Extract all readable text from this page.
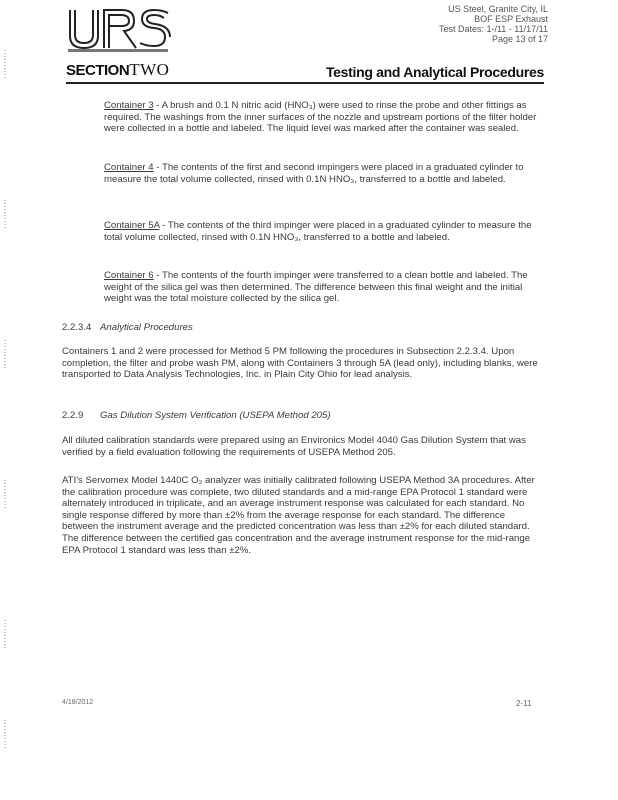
US Steel, Granite City, IL
BOF ESP Exhaust
Test Dates: 1-/11 - 11/17/11
Page 13 of 17
SECTIONTWO	Testing and Analytical Procedures

Container 3 - A brush and 0.1 N nitric acid (HNO₃) were used to rinse the probe and other fittings as required. The washings from the inner surfaces of the nozzle and upstream portions of the filter holder were collected in a bottle and labeled. The liquid level was marked after the container was sealed.

Container 4 - The contents of the first and second impingers were placed in a graduated cylinder to measure the total volume collected, rinsed with 0.1N HNO₃, transferred to a bottle and labeled.

Container 5A - The contents of the third impinger were placed in a graduated cylinder to measure the total volume collected, rinsed with 0.1N HNO₃, transferred to a bottle and labeled.

Container 6 - The contents of the fourth impinger were transferred to a clean bottle and labeled. The weight of the silica gel was then determined. The difference between this final weight and the initial weight was the total moisture collected by the silica gel.

2.2.3.4 Analytical Procedures

Containers 1 and 2 were processed for Method 5 PM following the procedures in Subsection 2.2.3.4. Upon completion, the filter and probe wash PM, along with Containers 3 through 5A (lead only), including blanks, were transported to Data Analysis Technologies, Inc. in Plain City Ohio for lead analysis.

2.2.9 Gas Dilution System Verification (USEPA Method 205)

All diluted calibration standards were prepared using an Environics Model 4040 Gas Dilution System that was verified by a field evaluation following the requirements of USEPA Method 205.

ATI's Servomex Model 1440C O₂ analyzer was initially calibrated following USEPA Method 3A procedures. After the calibration procedure was complete, two diluted standards and a mid-range EPA Protocol 1 standard were alternately introduced in triplicate, and an average instrument response was calculated for each standard. No single response differed by more than ±2% from the average response for each standard. The difference between the instrument average and the predicted concentration was less than ±2% for each diluted standard. The difference between the certified gas concentration and the average instrument response for the mid-range EPA Protocol 1 standard was less than ±2%.

4/18/2012	2-11
